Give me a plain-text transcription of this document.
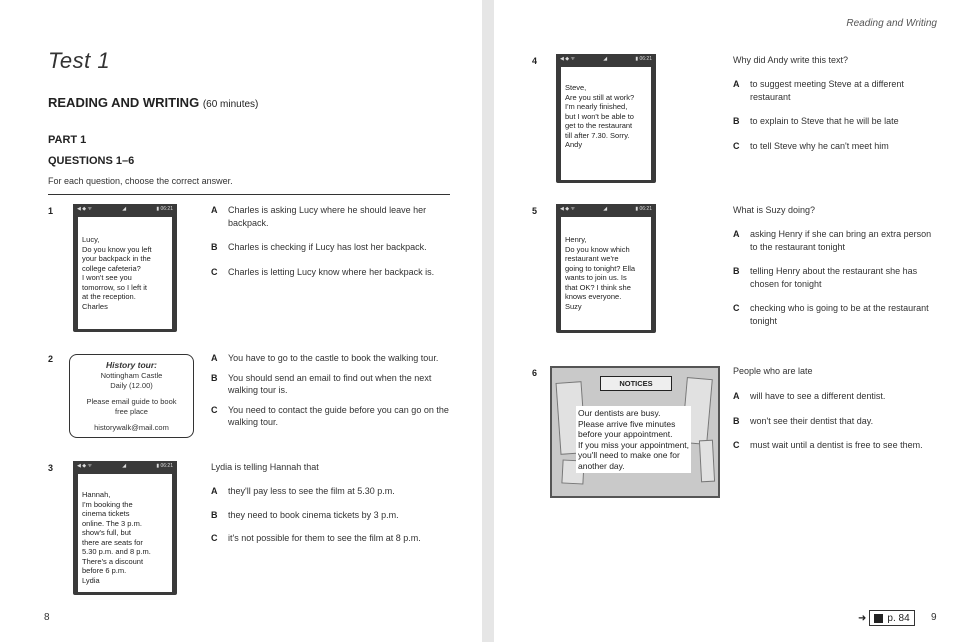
Test 1
READING AND WRITING (60 minutes)
PART 1
QUESTIONS 1–6
For each question, choose the correct answer.
1	◀ ◆ ᯤ	◢	▮ 06:21
Lucy,
Do you know you left
your backpack in the
college cafeteria?
I won't see you
tomorrow, so I left it
at the reception.
Charles
A	Charles is asking Lucy where he should leave her backpack.
B	Charles is checking if Lucy has lost her backpack.
C	Charles is letting Lucy know where her backpack is.
2
History tour:
Nottingham Castle
Daily (12.00)
Please email guide to book
free place
historywalk@mail.com
A	You have to go to the castle to book the walking tour.
B	You should send an email to find out when the next walking tour is.
C	You need to contact the guide before you can go on the walking tour.
3	◀ ◆ ᯤ	◢	▮ 06:21
Hannah,
I'm booking the
cinema tickets
online. The 3 p.m.
show's full, but
there are seats for
5.30 p.m. and 8 p.m.
There's a discount
before 6 p.m.
Lydia
Lydia is telling Hannah that
A	they'll pay less to see the film at 5.30 p.m.
B	they need to book cinema tickets by 3 p.m.
C	it's not possible for them to see the film at 8 p.m.
8
Reading and Writing
4	◀ ◆ ᯤ	◢	▮ 06:21
Steve,
Are you still at work?
I'm nearly finished,
but I won't be able to
get to the restaurant
till after 7.30. Sorry.
Andy
Why did Andy write this text?
A	to suggest meeting Steve at a different restaurant
B	to explain to Steve that he will be late
C	to tell Steve why he can't meet him
5	◀ ◆ ᯤ	◢	▮ 06:21
Henry,
Do you know which
restaurant we're
going to tonight? Ella
wants to join us. Is
that OK? I think she
knows everyone.
Suzy
What is Suzy doing?
A	asking Henry if she can bring an extra person to the restaurant tonight
B	telling Henry about the restaurant she has chosen for tonight
C	checking who is going to be at the restaurant tonight
6
NOTICES
Our dentists are busy.
Please arrive five minutes
before your appointment.
If you miss your appointment,
you'll need to make one for
another day.
People who are late
A	will have to see a different dentist.
B	won't see their dentist that day.
C	must wait until a dentist is free to see them.
➜ p. 84 9
